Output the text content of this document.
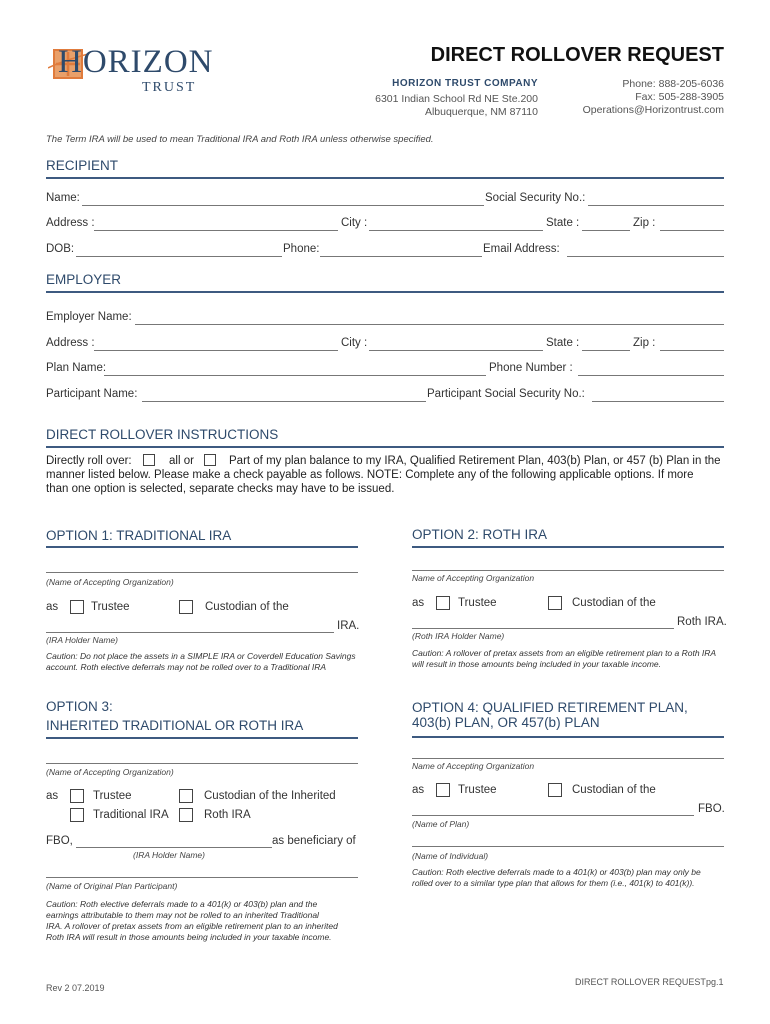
HORIZON
TRUST
DIRECT ROLLOVER REQUEST
HORIZON TRUST COMPANY
6301 Indian School Rd NE Ste.200
Albuquerque, NM 87110
Phone: 888-205-6036
Fax: 505-288-3905
Operations@Horizontrust.com
The Term IRA will be used to mean Traditional IRA and Roth IRA unless otherwise specified.
RECIPIENT
Name:	Social Security No.:
Address :	City :	State :	Zip :
DOB:	Phone:	Email Address:
EMPLOYER
Employer Name:
Address :	City :	State :	Zip :
Plan Name:	Phone Number :
Participant Name:	Participant Social Security No.:
DIRECT ROLLOVER INSTRUCTIONS
Directly roll over:	all or	Part of my plan balance to my IRA, Qualified Retirement Plan, 403(b) Plan, or 457 (b) Plan in the
manner listed below. Please make a check payable as follows. NOTE: Complete any of the following applicable options. If more
than one option is selected, separate checks may have to be issued.
OPTION 1: TRADITIONAL IRA
(Name of Accepting Organization)
as	Trustee	Custodian of the
IRA.
(IRA Holder Name)
Caution: Do not place the assets in a SIMPLE IRA or Coverdell Education Savings
account. Roth elective deferrals may not be rolled over to a Traditional IRA
OPTION 2: ROTH IRA
Name of Accepting Organization
as	Trustee	Custodian of the
Roth IRA.
(Roth IRA Holder Name)
Caution: A rollover of pretax assets from an eligible retirement plan to a Roth IRA
will result in those amounts being included in your taxable income.
OPTION 3:
INHERITED TRADITIONAL OR ROTH IRA
(Name of Accepting Organization)
as	Trustee	Custodian of the Inherited
Traditional IRA	Roth IRA
FBO,	as beneficiary of
(IRA Holder Name)
(Name of Original Plan Participant)
Caution: Roth elective deferrals made to a 401(k) or 403(b) plan and the
earnings attributable to them may not be rolled to an inherited Traditional
IRA. A rollover of pretax assets from an eligible retirement plan to an inherited
Roth IRA will result in those amounts being included in your taxable income.
OPTION 4: QUALIFIED RETIREMENT PLAN,
403(b) PLAN, OR 457(b) PLAN
Name of Accepting Organization
as	Trustee	Custodian of the
FBO.
(Name of Plan)
(Name of Individual)
Caution: Roth elective deferrals made to a 401(k) or 403(b) plan may only be
rolled over to a similar type plan that allows for them (i.e., 401(k) to 401(k)).
Rev 2 07.2019
DIRECT ROLLOVER REQUEST pg.1
